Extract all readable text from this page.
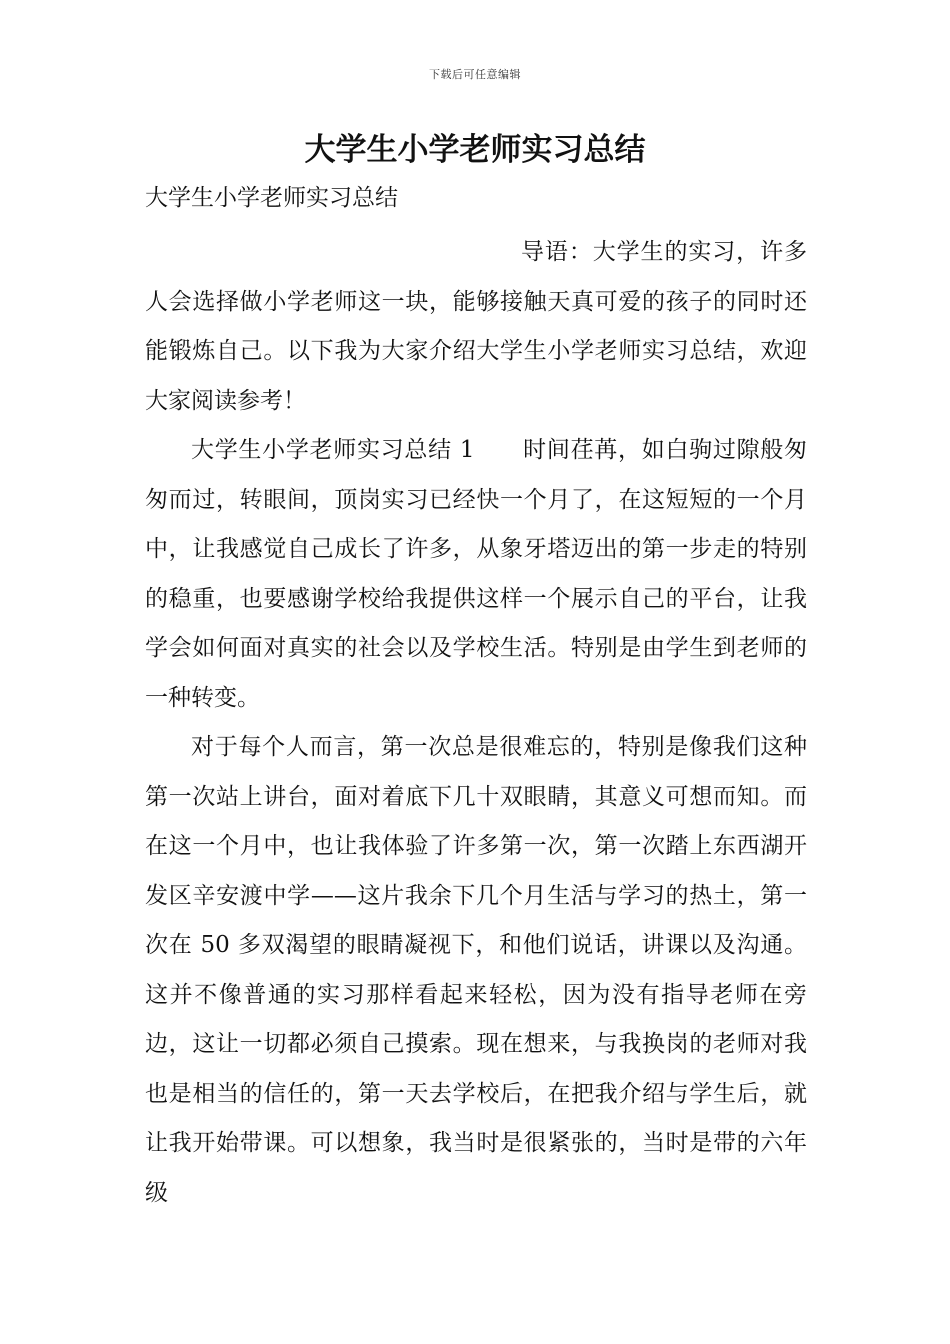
下载后可任意编辑
大学生小学老师实习总结

大学生小学老师实习总结

导语：大学生的实习，许多人会选择做小学老师这一块，能够接触天真可爱的孩子的同时还能锻炼自己。以下我为大家介绍大学生小学老师实习总结，欢迎大家阅读参考！

大学生小学老师实习总结 1 时间荏苒，如白驹过隙般匆匆而过，转眼间，顶岗实习已经快一个月了，在这短短的一个月中，让我感觉自己成长了许多，从象牙塔迈出的第一步走的特别的稳重，也要感谢学校给我提供这样一个展示自己的平台，让我学会如何面对真实的社会以及学校生活。特别是由学生到老师的一种转变。

对于每个人而言，第一次总是很难忘的，特别是像我们这种第一次站上讲台，面对着底下几十双眼睛，其意义可想而知。而在这一个月中，也让我体验了许多第一次，第一次踏上东西湖开发区辛安渡中学——这片我余下几个月生活与学习的热土，第一次在 50 多双渴望的眼睛凝视下，和他们说话，讲课以及沟通。这并不像普通的实习那样看起来轻松，因为没有指导老师在旁边，这让一切都必须自己摸索。现在想来，与我换岗的老师对我也是相当的信任的，第一天去学校后，在把我介绍与学生后，就让我开始带课。可以想象，我当时是很紧张的，当时是带的六年级
